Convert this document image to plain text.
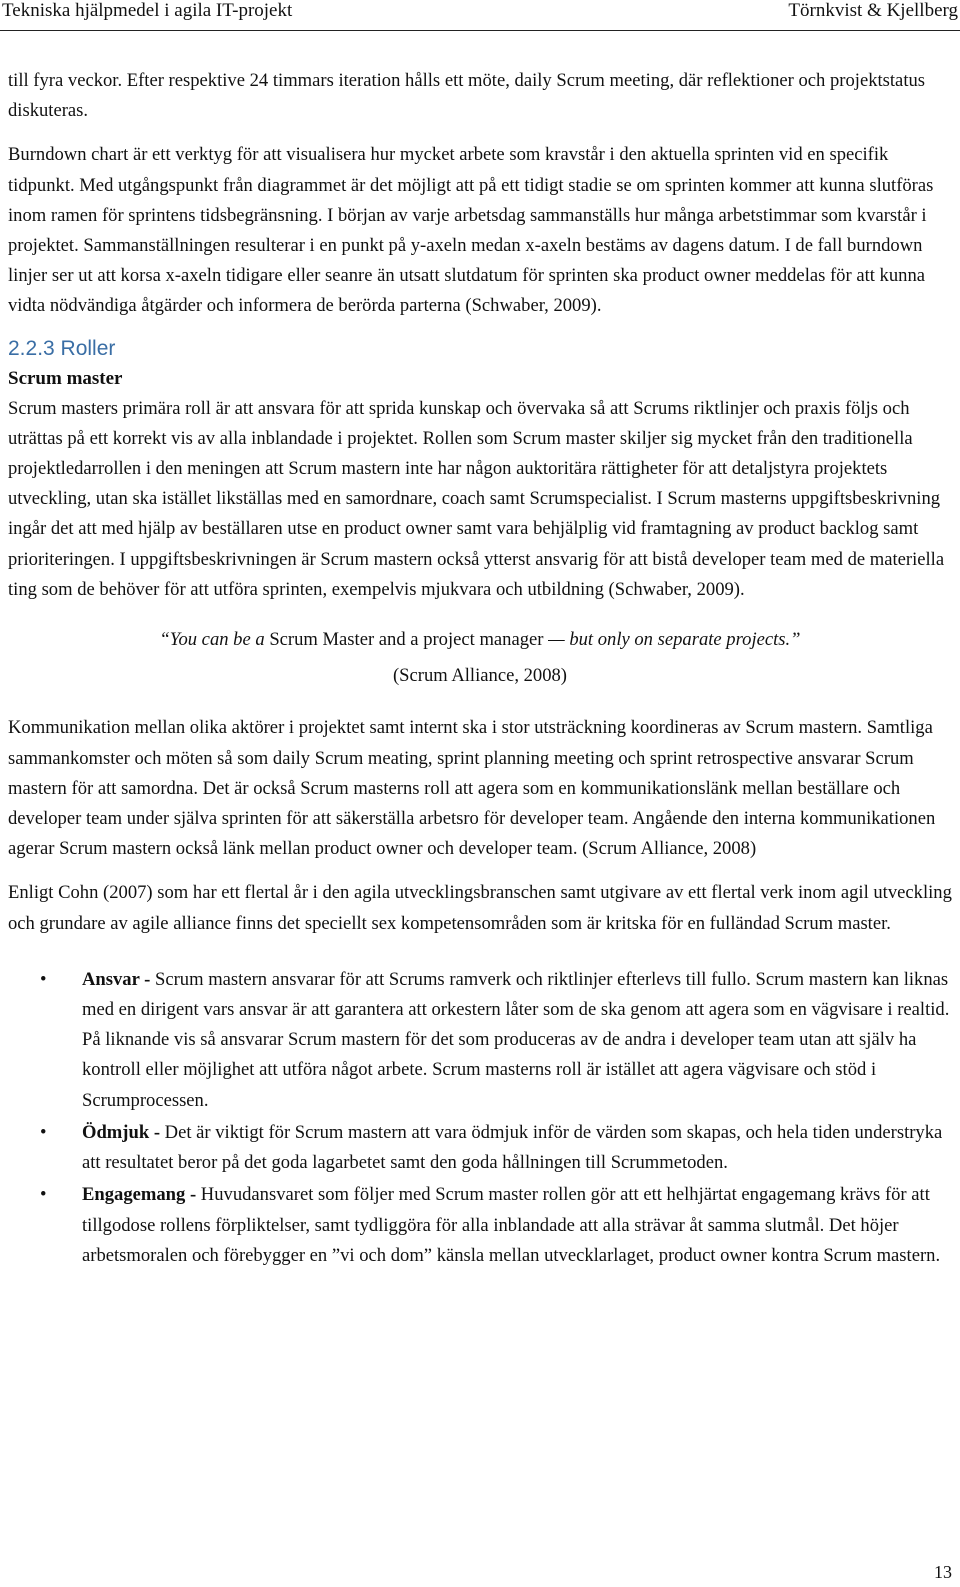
Tekniska hjälpmedel i agila IT-projekt	Törnkvist & Kjellberg

till fyra veckor. Efter respektive 24 timmars iteration hålls ett möte, daily Scrum meeting, där reflektioner och projektstatus diskuteras.

Burndown chart är ett verktyg för att visualisera hur mycket arbete som kravstår i den aktuella sprinten vid en specifik tidpunkt. Med utgångspunkt från diagrammet är det möjligt att på ett tidigt stadie se om sprinten kommer att kunna slutföras inom ramen för sprintens tidsbegränsning. I början av varje arbetsdag sammanställs hur många arbetstimmar som kvarstår i projektet. Sammanställningen resulterar i en punkt på y-axeln medan x-axeln bestäms av dagens datum. I de fall burndown linjer ser ut att korsa x-axeln tidigare eller seanre än utsatt slutdatum för sprinten ska product owner meddelas för att kunna vidta nödvändiga åtgärder och informera de berörda parterna (Schwaber, 2009).

2.2.3 Roller
Scrum master

Scrum masters primära roll är att ansvara för att sprida kunskap och övervaka så att Scrums riktlinjer och praxis följs och uträttas på ett korrekt vis av alla inblandade i projektet. Rollen som Scrum master skiljer sig mycket från den traditionella projektledarrollen i den meningen att Scrum mastern inte har någon auktoritära rättigheter för att detaljstyra projektets utveckling, utan ska istället likställas med en samordnare, coach samt Scrumspecialist. I Scrum masterns uppgiftsbeskrivning ingår det att med hjälp av beställaren utse en product owner samt vara behjälplig vid framtagning av product backlog samt prioriteringen. I uppgiftsbeskrivningen är Scrum mastern också ytterst ansvarig för att bistå developer team med de materiella ting som de behöver för att utföra sprinten, exempelvis mjukvara och utbildning (Schwaber, 2009).

“You can be a Scrum Master and a project manager — but only on separate projects.”
(Scrum Alliance, 2008)

Kommunikation mellan olika aktörer i projektet samt internt ska i stor utsträckning koordineras av Scrum mastern. Samtliga sammankomster och möten så som daily Scrum meating, sprint planning meeting och sprint retrospective ansvarar Scrum mastern för att samordna. Det är också Scrum masterns roll att agera som en kommunikationslänk mellan beställare och developer team under själva sprinten för att säkerställa arbetsro för developer team. Angående den interna kommunikationen agerar Scrum mastern också länk mellan product owner och developer team. (Scrum Alliance, 2008)

Enligt Cohn (2007) som har ett flertal år i den agila utvecklingsbranschen samt utgivare av ett flertal verk inom agil utveckling och grundare av agile alliance finns det speciellt sex kompetensområden som är kritska för en fulländad Scrum master.

• Ansvar - Scrum mastern ansvarar för att Scrums ramverk och riktlinjer efterlevs till fullo. Scrum mastern kan liknas med en dirigent vars ansvar är att garantera att orkestern låter som de ska genom att agera som en vägvisare i realtid. På liknande vis så ansvarar Scrum mastern för det som produceras av de andra i developer team utan att själv ha kontroll eller möjlighet att utföra något arbete. Scrum masterns roll är istället att agera vägvisare och stöd i Scrumprocessen.
• Ödmjuk - Det är viktigt för Scrum mastern att vara ödmjuk inför de värden som skapas, och hela tiden understryka att resultatet beror på det goda lagarbetet samt den goda hållningen till Scrummetoden.
• Engagemang - Huvudansvaret som följer med Scrum master rollen gör att ett helhjärtat engagemang krävs för att tillgodose rollens förpliktelser, samt tydliggöra för alla inblandade att alla strävar åt samma slutmål. Det höjer arbetsmoralen och förebygger en ”vi och dom” känsla mellan utvecklarlaget, product owner kontra Scrum mastern.
13
